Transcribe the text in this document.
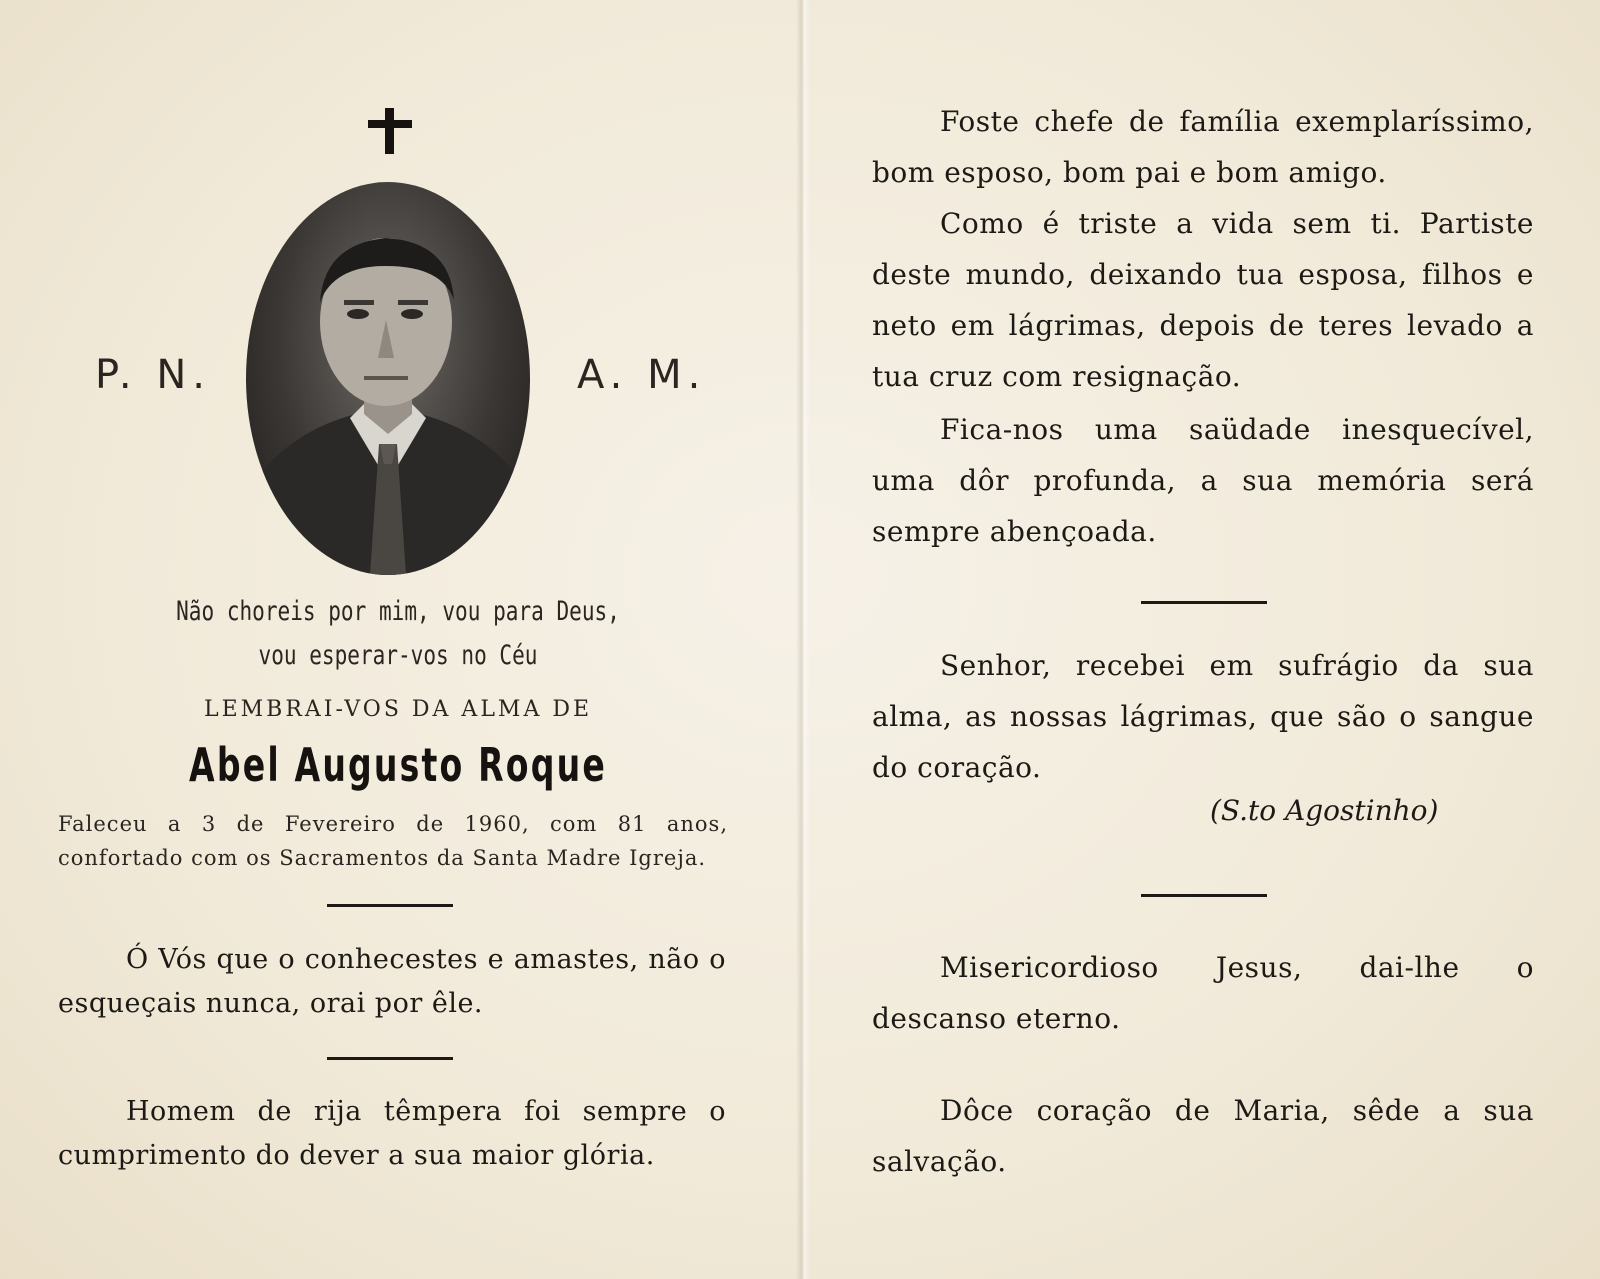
P. N.	A. M.
Não choreis por mim, vou para Deus,
vou esperar-vos no Céu
LEMBRAI-VOS DA ALMA DE
Abel Augusto Roque
Faleceu a 3 de Fevereiro de 1960, com 81 anos, confortado com os Sacramentos da Santa Madre Igreja.
Ó Vós que o conhecestes e amastes, não o esqueçais nunca, orai por êle.
Homem de rija têmpera foi sempre o cumprimento do dever a sua maior glória.
Foste chefe de família exemplaríssimo, bom esposo, bom pai e bom amigo.
Como é triste a vida sem ti. Partiste deste mundo, deixando tua esposa, filhos e neto em lágrimas, depois de teres levado a tua cruz com resignação.
Fica-nos uma saüdade inesquecível, uma dôr profunda, a sua memória será sempre abençoada.
Senhor, recebei em sufrágio da sua alma, as nossas lágrimas, que são o sangue do coração.
(S.to Agostinho)
Misericordioso Jesus, dai-lhe o descanso eterno.
Dôce coração de Maria, sêde a sua salvação.
